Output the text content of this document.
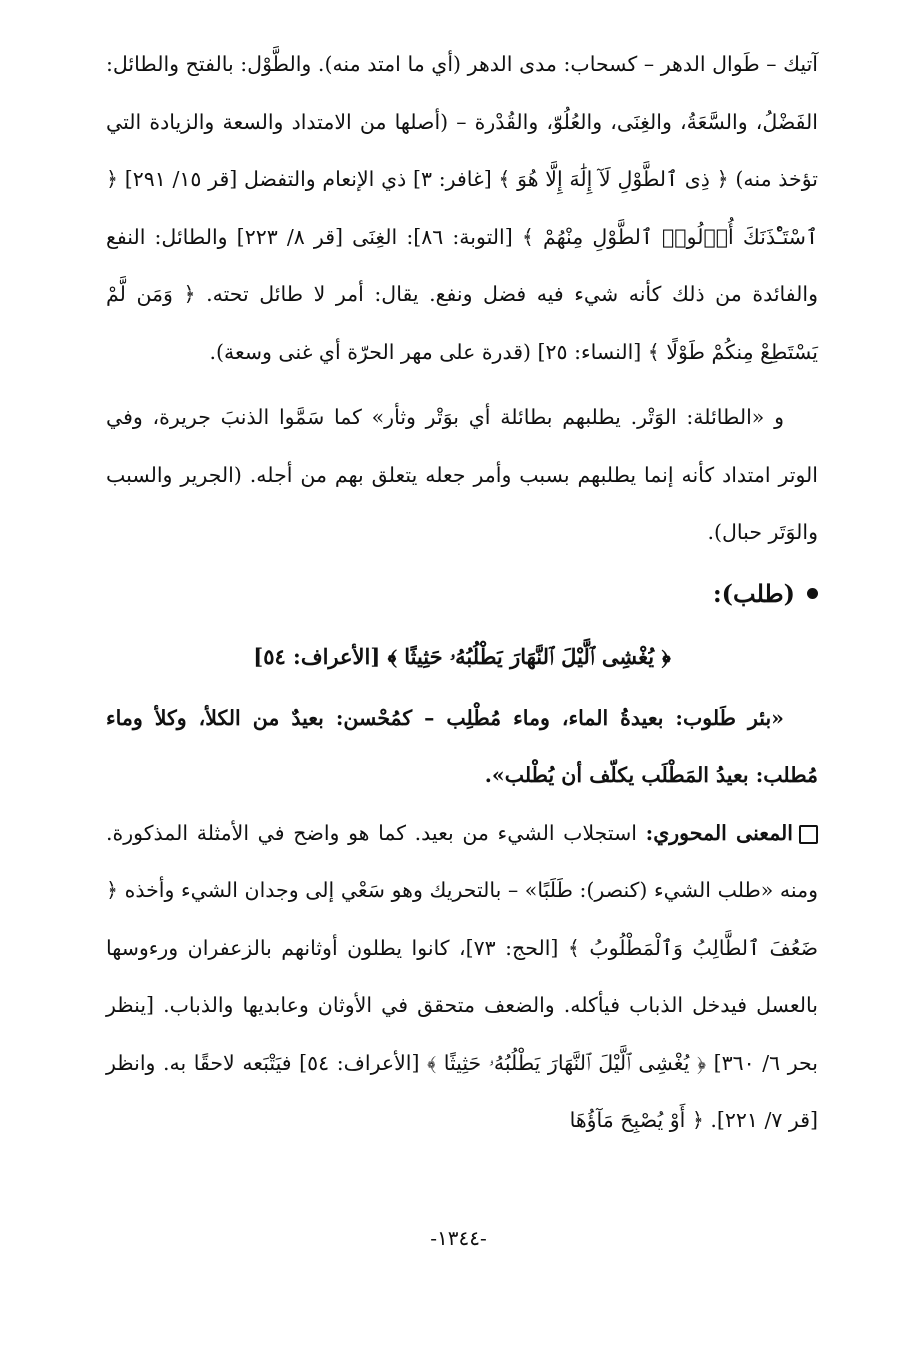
آتيك – طَوال الدهر – كسحاب: مدى الدهر (أي ما امتد منه). والطَّوْل: بالفتح والطائل: الفَضْلُ، والسَّعَةُ، والغِنَى، والعُلُوّ، والقُدْرة – (أصلها من الامتداد والسعة والزيادة التي تؤخذ منه) ﴿ ذِى ٱلطَّوْلِ لَآ إِلَٰهَ إِلَّا هُوَ ﴾ [غافر: ٣] ذي الإنعام والتفضل [قر ١٥/ ٢٩١] ﴿ ٱسْتَـْٔذَنَكَ أُو۟لُوا۟ ٱلطَّوْلِ مِنْهُمْ ﴾ [التوبة: ٨٦]: الغِنَى [قر ٨/ ٢٢٣] والطائل: النفع والفائدة من ذلك كأنه شيء فيه فضل ونفع. يقال: أمر لا طائل تحته. ﴿ وَمَن لَّمْ يَسْتَطِعْ مِنكُمْ طَوْلًا ﴾ [النساء: ٢٥] (قدرة على مهر الحرّة أي غنى وسعة).

و «الطائلة: الوَتْر. يطلبهم بطائلة أي بوَتْر وثأر» كما سَمَّوا الذنبَ جريرة، وفي الوتر امتداد كأنه إنما يطلبهم بسبب وأمر جعله يتعلق بهم من أجله. (الجرير والسبب والوَتَر حبال).

(طلب):

﴿ يُغْشِى ٱلَّيْلَ ٱلنَّهَارَ يَطْلُبُهُۥ حَثِيثًا ﴾ [الأعراف: ٥٤]

«بئر طَلوب: بعيدةُ الماء، وماء مُطْلِب – كمُحْسن: بعيدٌ من الكلأ، وكلأ وماء مُطلب: بعيدُ المَطْلَب يكلّف أن يُطْلب».

المعنى المحوري: استجلاب الشيء من بعيد. كما هو واضح في الأمثلة المذكورة. ومنه «طلب الشيء (كنصر): طَلَبًا» – بالتحريك وهو سَعْي إلى وجدان الشيء وأخذه ﴿ ضَعُفَ ٱلطَّالِبُ وَٱلْمَطْلُوبُ ﴾ [الحج: ٧٣]، كانوا يطلون أوثانهم بالزعفران ورءوسها بالعسل فيدخل الذباب فيأكله. والضعف متحقق في الأوثان وعابديها والذباب. [ينظر بحر ٦/ ٣٦٠] ﴿ يُغْشِى ٱلَّيْلَ ٱلنَّهَارَ يَطْلُبُهُۥ حَثِيثًا ﴾ [الأعراف: ٥٤] فيَتْبَعه لاحقًا به. وانظر [قر ٧/ ٢٢١]. ﴿ أَوْ يُصْبِحَ مَآؤُهَا

-١٣٤٤-
